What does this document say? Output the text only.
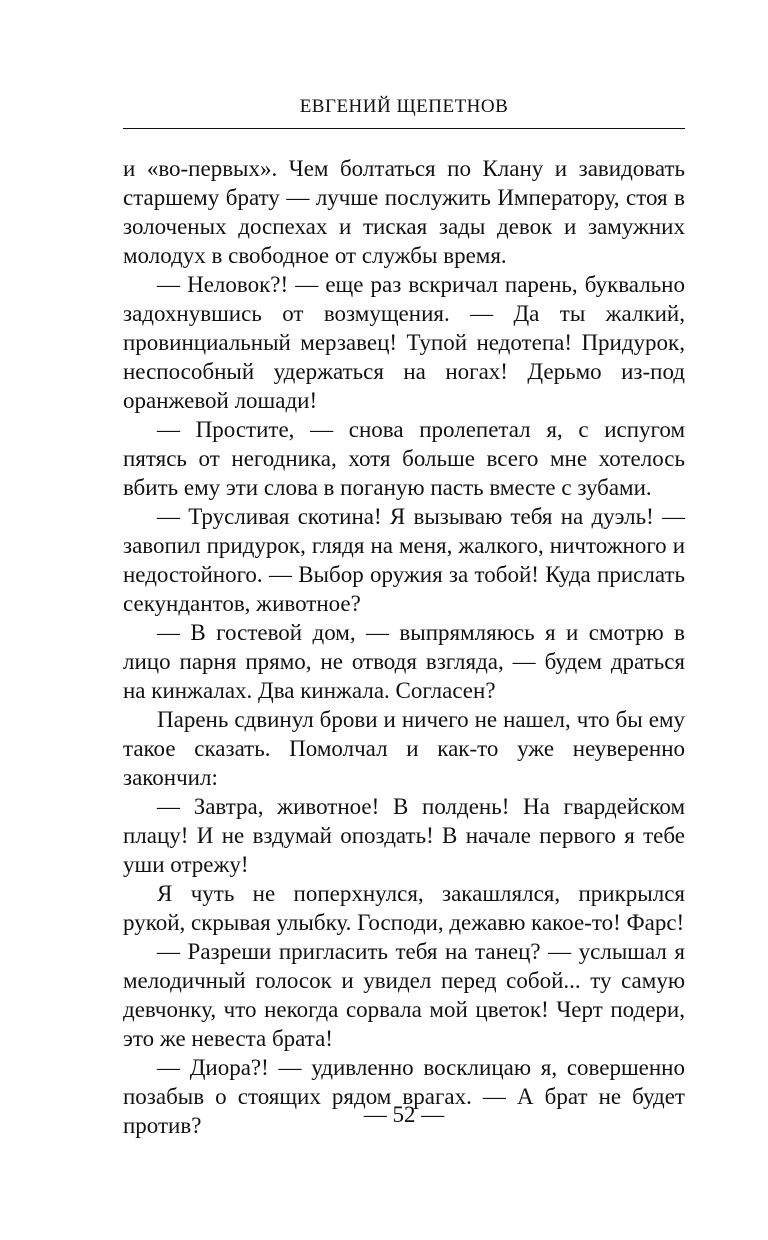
ЕВГЕНИЙ ЩЕПЕТНОВ

и «во-первых». Чем болтаться по Клану и завидовать старшему брату — лучше послужить Императору, стоя в золоченых доспехах и тиская зады девок и замужних молодух в свободное от службы время.

— Неловок?! — еще раз вскричал парень, буквально задохнувшись от возмущения. — Да ты жалкий, провинциальный мерзавец! Тупой недотепа! Придурок, неспособный удержаться на ногах! Дерьмо из-под оранжевой лошади!

— Простите, — снова пролепетал я, с испугом пятясь от негодника, хотя больше всего мне хотелось вбить ему эти слова в поганую пасть вместе с зубами.

— Трусливая скотина! Я вызываю тебя на дуэль! — завопил придурок, глядя на меня, жалкого, ничтожного и недостойного. — Выбор оружия за тобой! Куда прислать секундантов, животное?

— В гостевой дом, — выпрямляюсь я и смотрю в лицо парня прямо, не отводя взгляда, — будем драться на кинжалах. Два кинжала. Согласен?

Парень сдвинул брови и ничего не нашел, что бы ему такое сказать. Помолчал и как-то уже неуверенно закончил:

— Завтра, животное! В полдень! На гвардейском плацу! И не вздумай опоздать! В начале первого я тебе уши отрежу!

Я чуть не поперхнулся, закашлялся, прикрылся рукой, скрывая улыбку. Господи, дежавю какое-то! Фарс!

— Разреши пригласить тебя на танец? — услышал я мелодичный голосок и увидел перед собой... ту самую девчонку, что некогда сорвала мой цветок! Черт подери, это же невеста брата!

— Диора?! — удивленно восклицаю я, совершенно позабыв о стоящих рядом врагах. — А брат не будет против?	— 52 —
